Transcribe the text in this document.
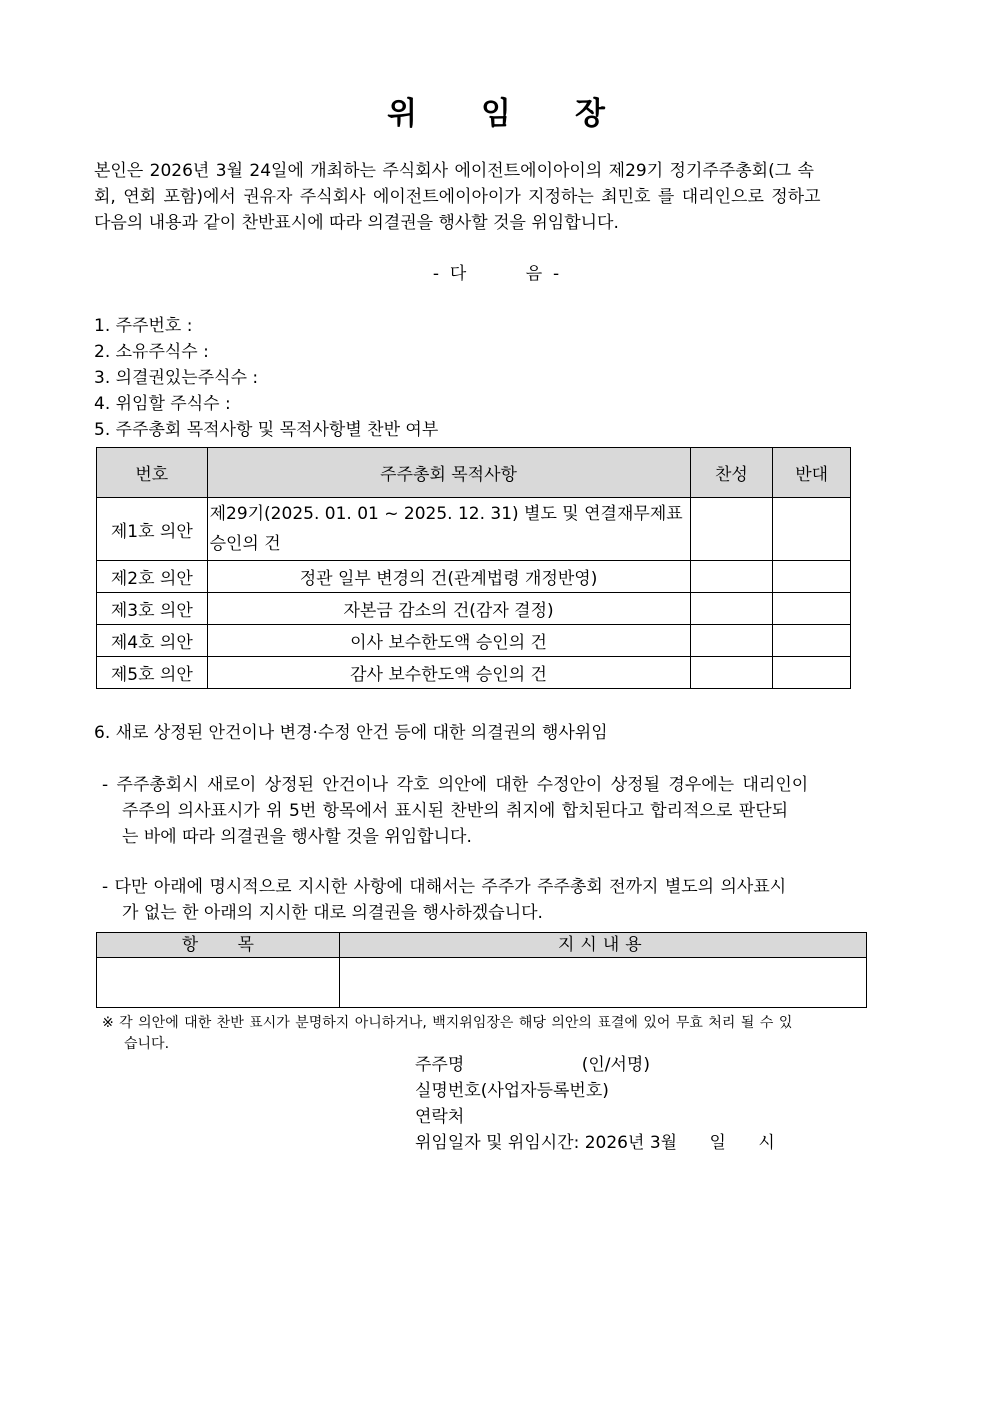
위 임 장
본인은 2026년 3월 24일에 개최하는 주식회사 에이전트에이아이의 제29기 정기주주총회(그 속
회, 연회 포함)에서 권유자 주식회사 에이전트에이아이가 지정하는 최민호 를 대리인으로 정하고
다음의 내용과 같이 찬반표시에 따라 의결권을 행사할 것을 위임합니다.
-  다           음  -
1. 주주번호 :
2. 소유주식수 :
3. 의결권있는주식수 :
4. 위임할 주식수 :
5. 주주총회 목적사항 및 목적사항별 찬반 여부
번호	주주총회 목적사항	찬성	반대
제1호 의안	제29기(2025. 01. 01 ~ 2025. 12. 31) 별도 및 연결재무제표
승인의 건		

제2호 의안	정관 일부 변경의 건(관계법령 개정반영)		
제3호 의안	자본금 감소의 건(감자 결정)		
제4호 의안	이사 보수한도액 승인의 건		
제5호 의안	감사 보수한도액 승인의 건		
6. 새로 상정된 안건이나 변경·수정 안건 등에 대한 의결권의 행사위임
- 주주총회시 새로이 상정된 안건이나 각호 의안에 대한 수정안이 상정될 경우에는 대리인이
주주의 의사표시가 위 5번 항목에서 표시된 찬반의 취지에 합치된다고 합리적으로 판단되
는 바에 따라 의결권을 행사할 것을 위임합니다.
- 다만 아래에 명시적으로 지시한 사항에 대해서는 주주가 주주총회 전까지 별도의 의사표시
가 없는 한 아래의 지시한 대로 의결권을 행사하겠습니다.
항 목	지시내용

※ 각 의안에 대한 찬반 표시가 분명하지 아니하거나, 백지위임장은 해당 의안의 표결에 있어 무효 처리 될 수 있
습니다.
주주명	(인/서명)
실명번호(사업자등록번호)
연락처
위임일자 및 위임시간: 2026년 3월      일      시
